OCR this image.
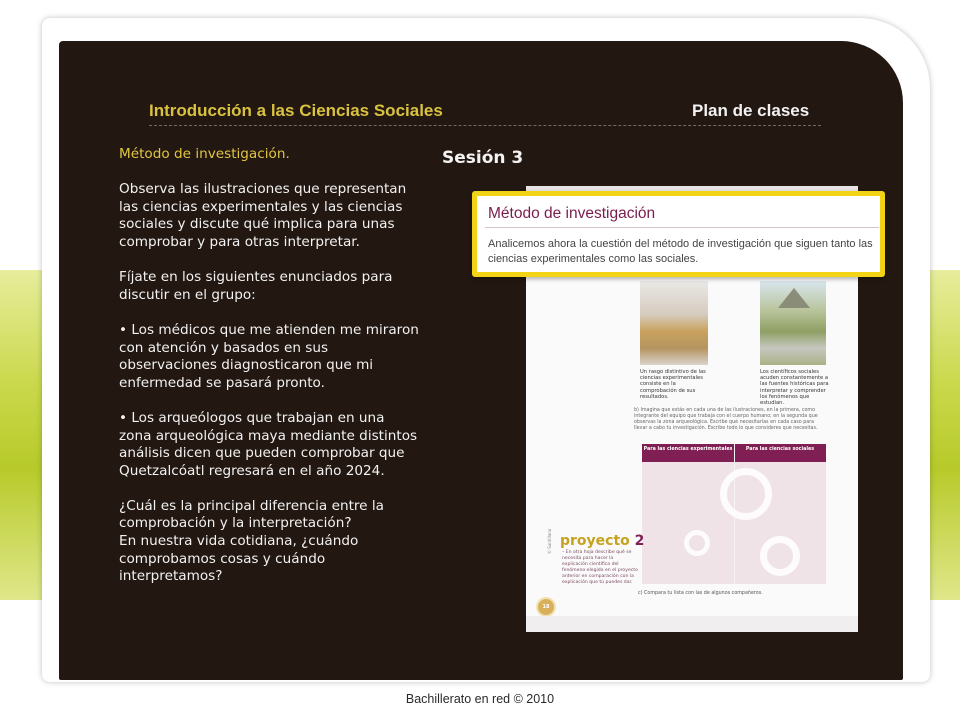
Introducción a las Ciencias Sociales	Plan de clases

Método de investigación.

Observa las ilustraciones que representan las ciencias experimentales y las ciencias sociales y discute qué implica para unas comprobar y para otras interpretar.

Fíjate en los siguientes enunciados para discutir en el grupo:

• Los médicos que me atienden me miraron con atención y basados en sus observaciones diagnosticaron que mi enfermedad se pasará pronto.

• Los arqueólogos que trabajan en una zona arqueológica maya mediante distintos análisis dicen que pueden comprobar que Quetzalcóatl regresará en el año 2024.

¿Cuál es la principal diferencia entre la comprobación y la interpretación?

En nuestra vida cotidiana, ¿cuándo comprobamos cosas y cuándo interpretamos?

Sesión 3
Un rasgo distintivo de las ciencias experimentales consiste en la comprobación de sus resultados.
Los científicos sociales acuden constantemente a las fuentes históricas para interpretar y comprender los fenómenos que estudian.
b) Imagina que estás en cada una de las ilustraciones, en la primera, como integrante del equipo que trabaja con el cuerpo humano; en la segunda que observas la zona arqueológica. Escribe qué necesitarías en cada caso para llevar a cabo tu investigación. Escribe todo lo que consideres que necesitas.
Para las ciencias experimentales	Para las ciencias sociales
proyecto 2
– En otra hoja describe qué se necesita para hacer la explicación científica del fenómeno elegido en el proyecto anterior en comparación con la explicación que tú puedes dar.
© Santillana
18
c) Compara tu lista con las de algunos compañeros.
Método de investigación
Analicemos ahora la cuestión del método de investigación que siguen tanto las ciencias experimentales como las sociales.
Bachillerato en red © 2010
